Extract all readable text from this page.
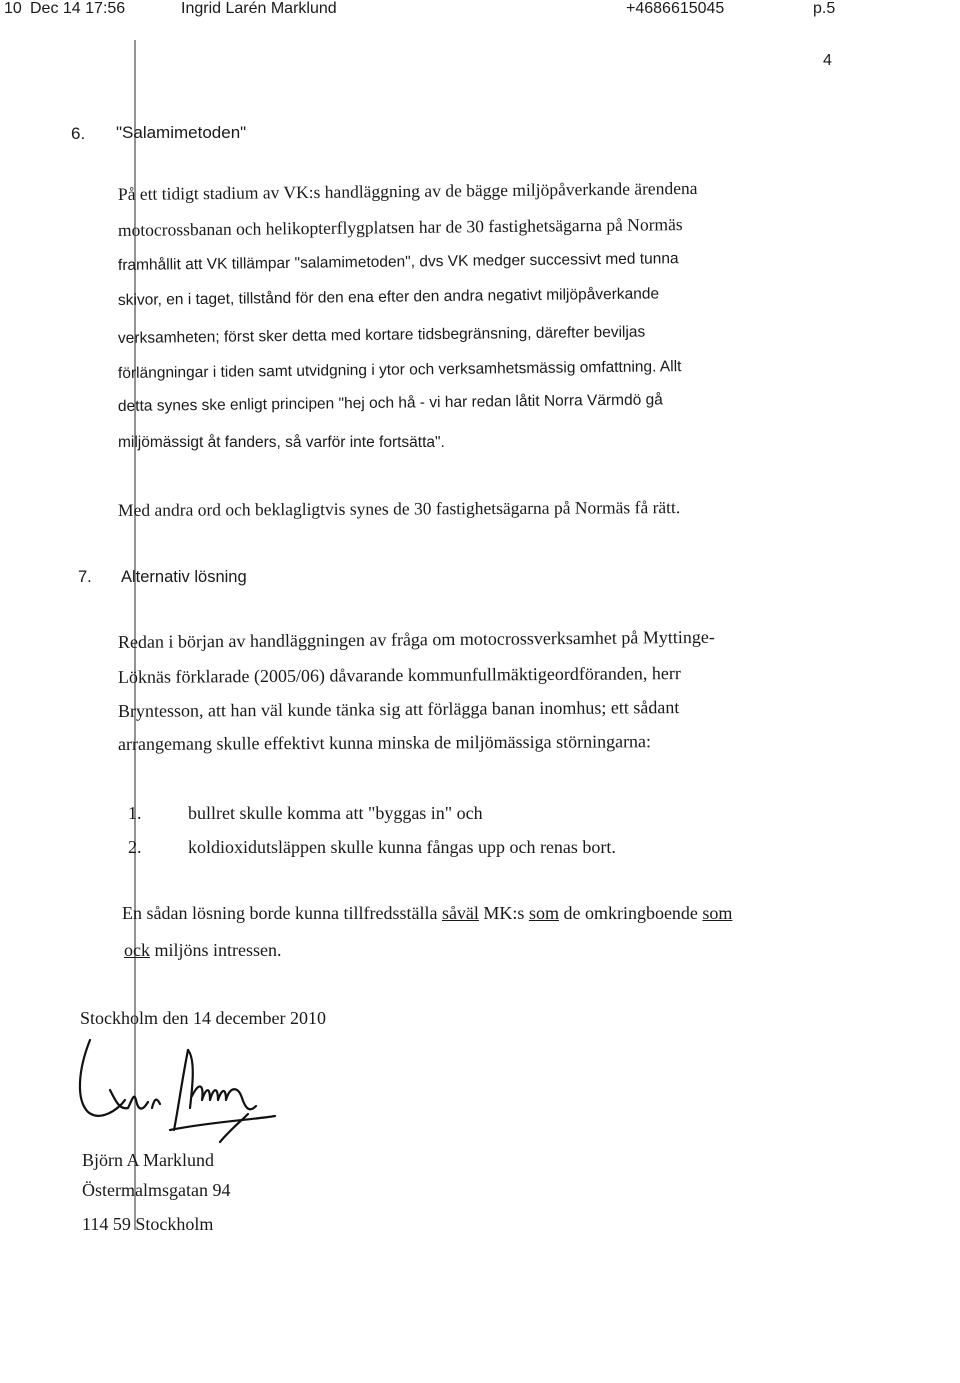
10 Dec 14 17:56	Ingrid Larén Marklund	+4686615045	p.5
4
6. "Salamimetoden"
På ett tidigt stadium av VK:s handläggning av de bägge miljöpåverkande ärendena
motocrossbanan och helikopterflygplatsen har de 30 fastighetsägarna på Normäs
framhållit att VK tillämpar "salamimetoden", dvs VK medger successivt med tunna
skivor, en i taget, tillstånd för den ena efter den andra negativt miljöpåverkande
verksamheten; först sker detta med kortare tidsbegränsning, därefter beviljas
förlängningar i tiden samt utvidgning i ytor och verksamhetsmässig omfattning. Allt
detta synes ske enligt principen "hej och hå - vi har redan låtit Norra Värmdö gå
miljömässigt åt fanders, så varför inte fortsätta".
Med andra ord och beklagligtvis synes de 30 fastighetsägarna på Normäs få rätt.
7. Alternativ lösning
Redan i början av handläggningen av fråga om motocrossverksamhet på Myttinge-
Löknäs förklarade (2005/06) dåvarande kommunfullmäktigeordföranden, herr
Bryntesson, att han väl kunde tänka sig att förlägga banan inomhus; ett sådant
arrangemang skulle effektivt kunna minska de miljömässiga störningarna:
1.	bullret skulle komma att "byggas in" och
2.	koldioxidutsläppen skulle kunna fångas upp och renas bort.
En sådan lösning borde kunna tillfredsställa såväl MK:s som de omkringboende som
ock miljöns intressen.
Stockholm den 14 december 2010
Björn A Marklund
Östermalmsgatan 94
114 59 Stockholm
